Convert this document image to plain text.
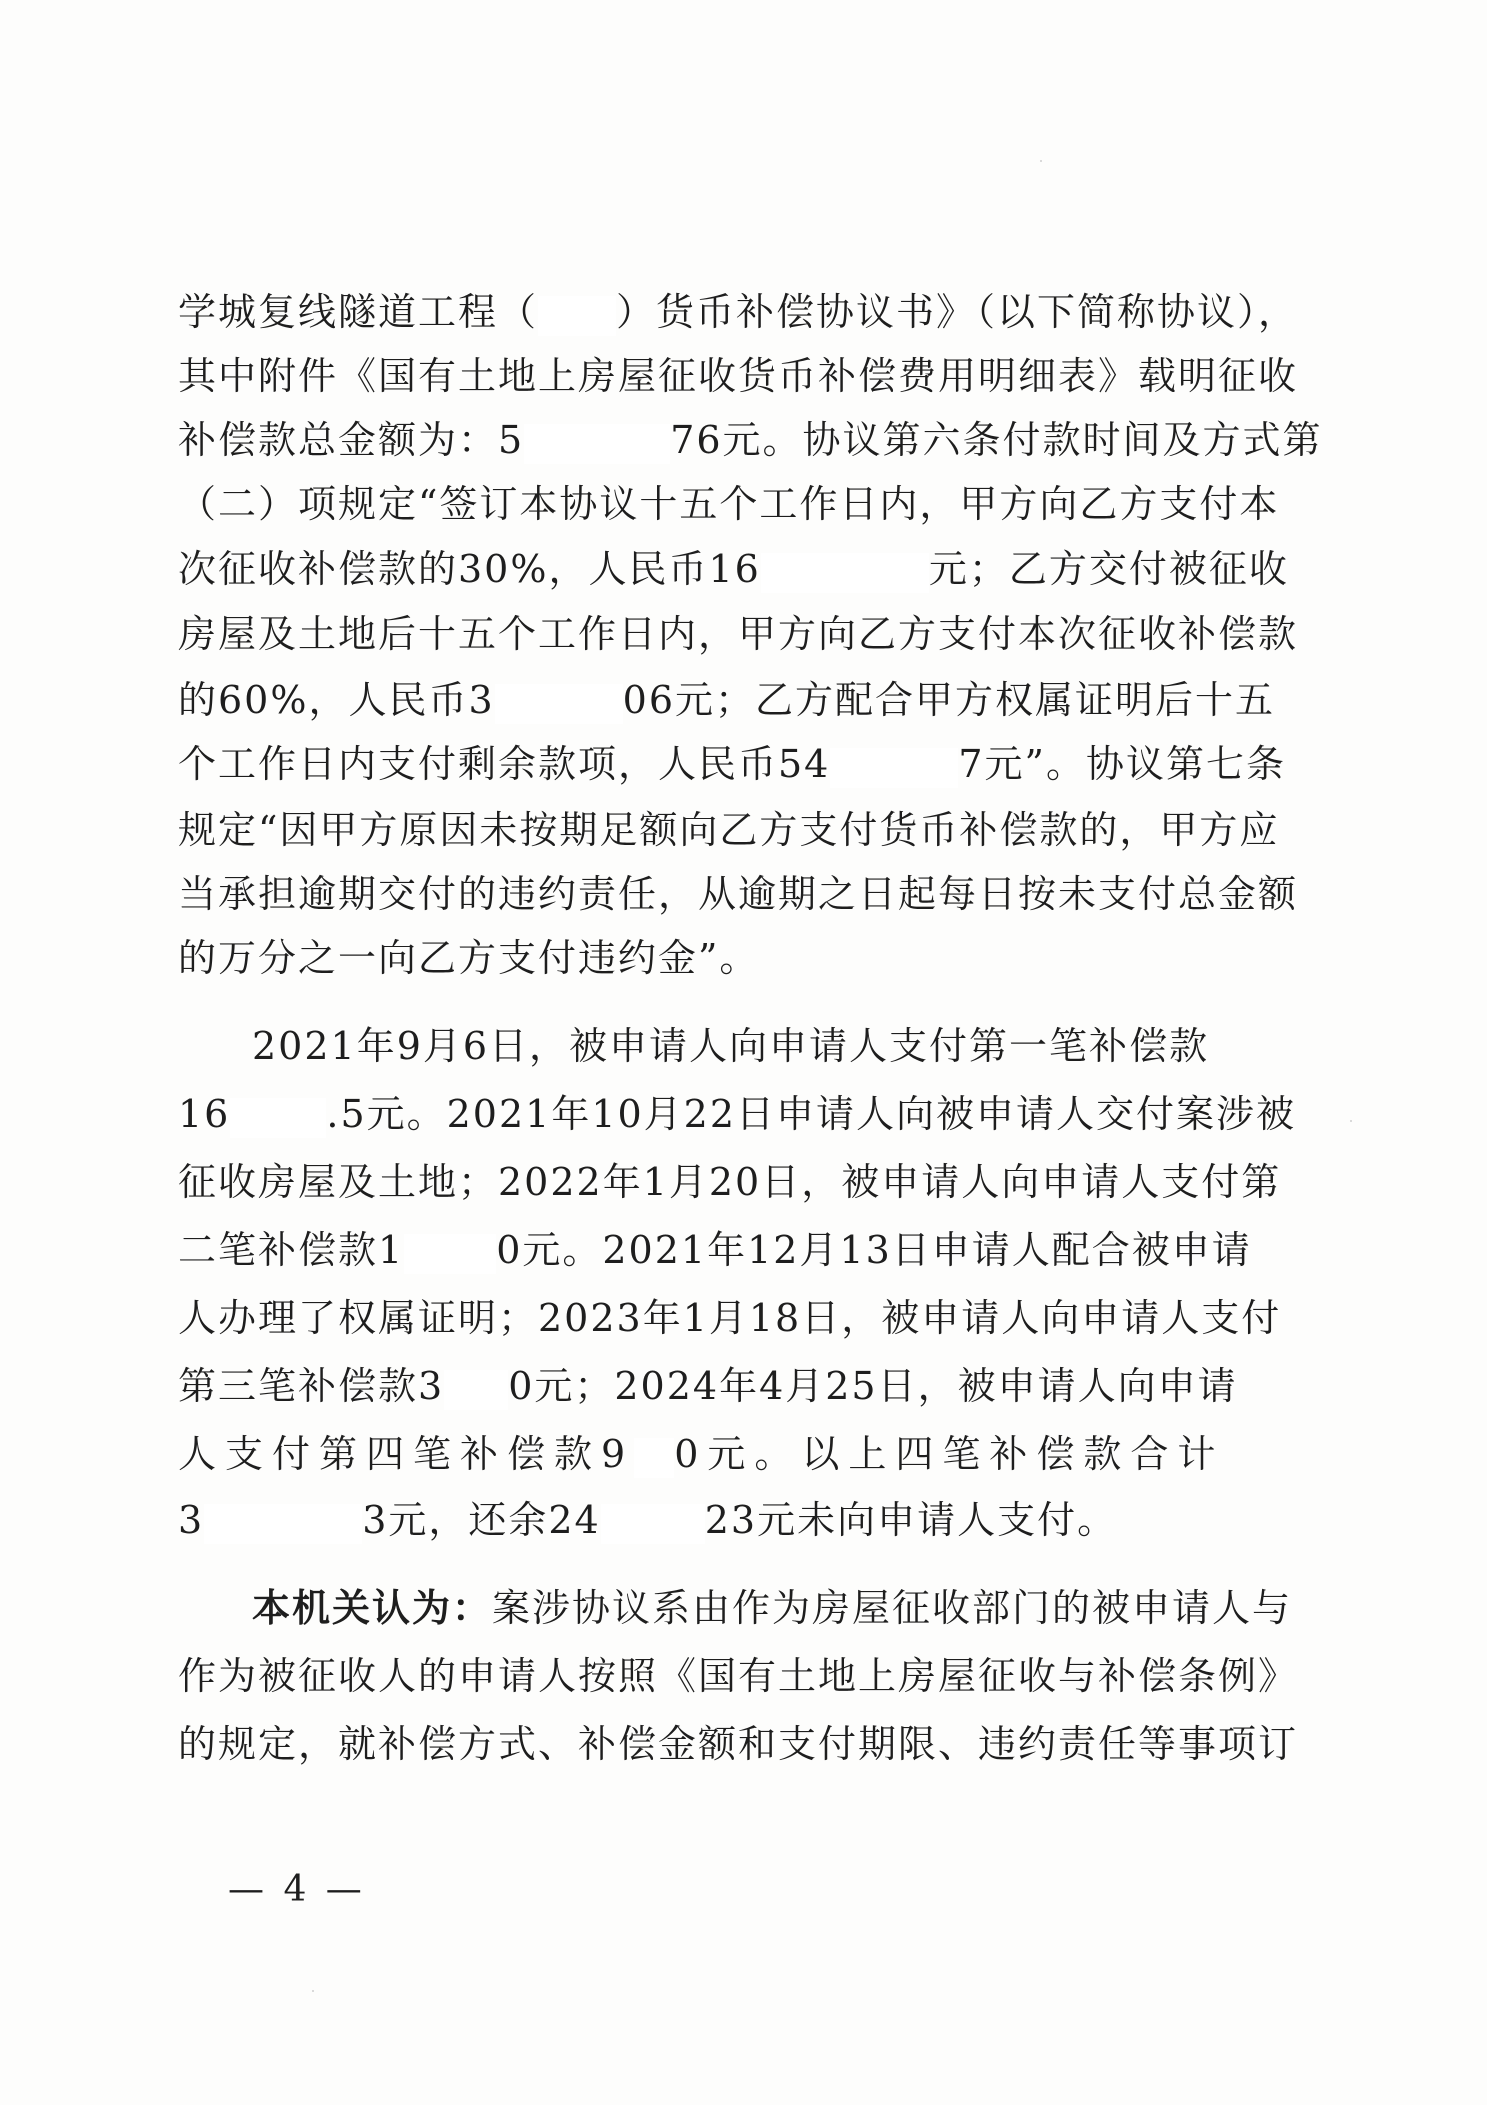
学城复线隧道工程（ ）货币补偿协议书》（以下简称协议），
其中附件《国有土地上房屋征收货币补偿费用明细表》载明征收
补偿款总金额为：5	76元。协议第六条付款时间及方式第
（二）项规定“签订本协议十五个工作日内，甲方向乙方支付本
次征收补偿款的30%，人民币16	元；乙方交付被征收
房屋及土地后十五个工作日内，甲方向乙方支付本次征收补偿款
的60%，人民币3	06元；乙方配合甲方权属证明后十五
个工作日内支付剩余款项，人民币54	7元”。协议第七条
规定“因甲方原因未按期足额向乙方支付货币补偿款的，甲方应
当承担逾期交付的违约责任，从逾期之日起每日按未支付总金额
的万分之一向乙方支付违约金”。
2021年9月6日，被申请人向申请人支付第一笔补偿款
16	.5元。2021年10月22日申请人向被申请人交付案涉被
征收房屋及土地；2022年1月20日，被申请人向申请人支付第
二笔补偿款1 0元。2021年12月13日申请人配合被申请
人办理了权属证明；2023年1月18日，被申请人向申请人支付
第三笔补偿款3 0元；2024年4月25日，被申请人向申请
人支付第四笔补偿款9 0元。以上四笔补偿款合计
3	3元，还余24	23元未向申请人支付。
本机关认为：案涉协议系由作为房屋征收部门的被申请人与
作为被征收人的申请人按照《国有土地上房屋征收与补偿条例》
的规定，就补偿方式、补偿金额和支付期限、违约责任等事项订
— 4 —
